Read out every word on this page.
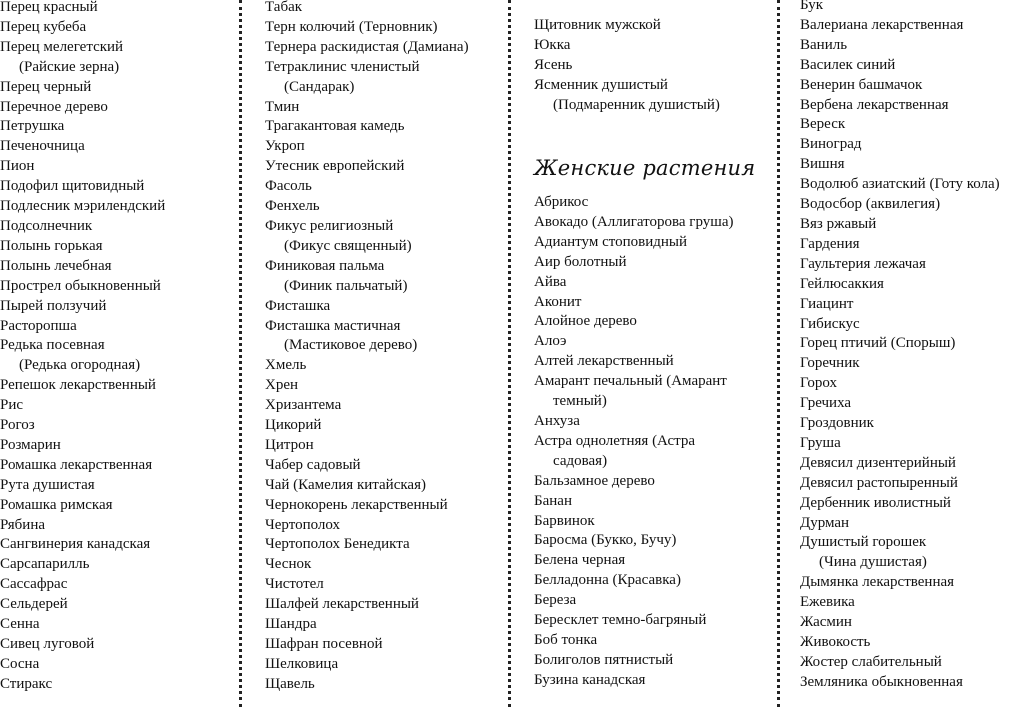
Перец красный
Перец кубеба
Перец мелегетский
(Райские зерна)
Перец черный
Перечное дерево
Петрушка
Печеночница
Пион
Подофил щитовидный
Подлесник мэрилендский
Подсолнечник
Полынь горькая
Полынь лечебная
Прострел обыкновенный
Пырей ползучий
Расторопша
Редька посевная
(Редька огородная)
Репешок лекарственный
Рис
Рогоз
Розмарин
Ромашка лекарственная
Рута душистая
Ромашка римская
Рябина
Сангвинерия канадская
Сарсапарилль
Сассафрас
Сельдерей
Сенна
Сивец луговой
Сосна
Стиракс
Табак
Терн колючий (Терновник)
Тернера раскидистая (Дамиана)
Тетраклинис членистый
(Сандарак)
Тмин
Трагакантовая камедь
Укроп
Утесник европейский
Фасоль
Фенхель
Фикус религиозный
(Фикус священный)
Финиковая пальма
(Финик пальчатый)
Фисташка
Фисташка мастичная
(Мастиковое дерево)
Хмель
Хрен
Хризантема
Цикорий
Цитрон
Чабер садовый
Чай (Камелия китайская)
Чернокорень лекарственный
Чертополох
Чертополох Бенедикта
Чеснок
Чистотел
Шалфей лекарственный
Шандра
Шафран посевной
Шелковица
Щавель
Щитовник мужской
Юкка
Ясень
Ясменник душистый
(Подмаренник душистый)
Женские растения
Абрикос
Авокадо (Аллигаторова груша)
Адиантум стоповидный
Аир болотный
Айва
Аконит
Алойное дерево
Алоэ
Алтей лекарственный
Амарант печальный (Амарант
темный)
Анхуза
Астра однолетняя (Астра
садовая)
Бальзамное дерево
Банан
Барвинок
Баросма (Букко, Бучу)
Белена черная
Белладонна (Красавка)
Береза
Бересклет темно-багряный
Боб тонка
Болиголов пятнистый
Бузина канадская
Бук
Валериана лекарственная
Ваниль
Василек синий
Венерин башмачок
Вербена лекарственная
Вереск
Виноград
Вишня
Водолюб азиатский (Готу кола)
Водосбор (аквилегия)
Вяз ржавый
Гардения
Гаультерия лежачая
Гейлюсаккия
Гиацинт
Гибискус
Горец птичий (Спорыш)
Горечник
Горох
Гречиха
Гроздовник
Груша
Девясил дизентерийный
Девясил растопыренный
Дербенник иволистный
Дурман
Душистый горошек
(Чина душистая)
Дымянка лекарственная
Ежевика
Жасмин
Живокость
Жостер слабительный
Земляника обыкновенная
